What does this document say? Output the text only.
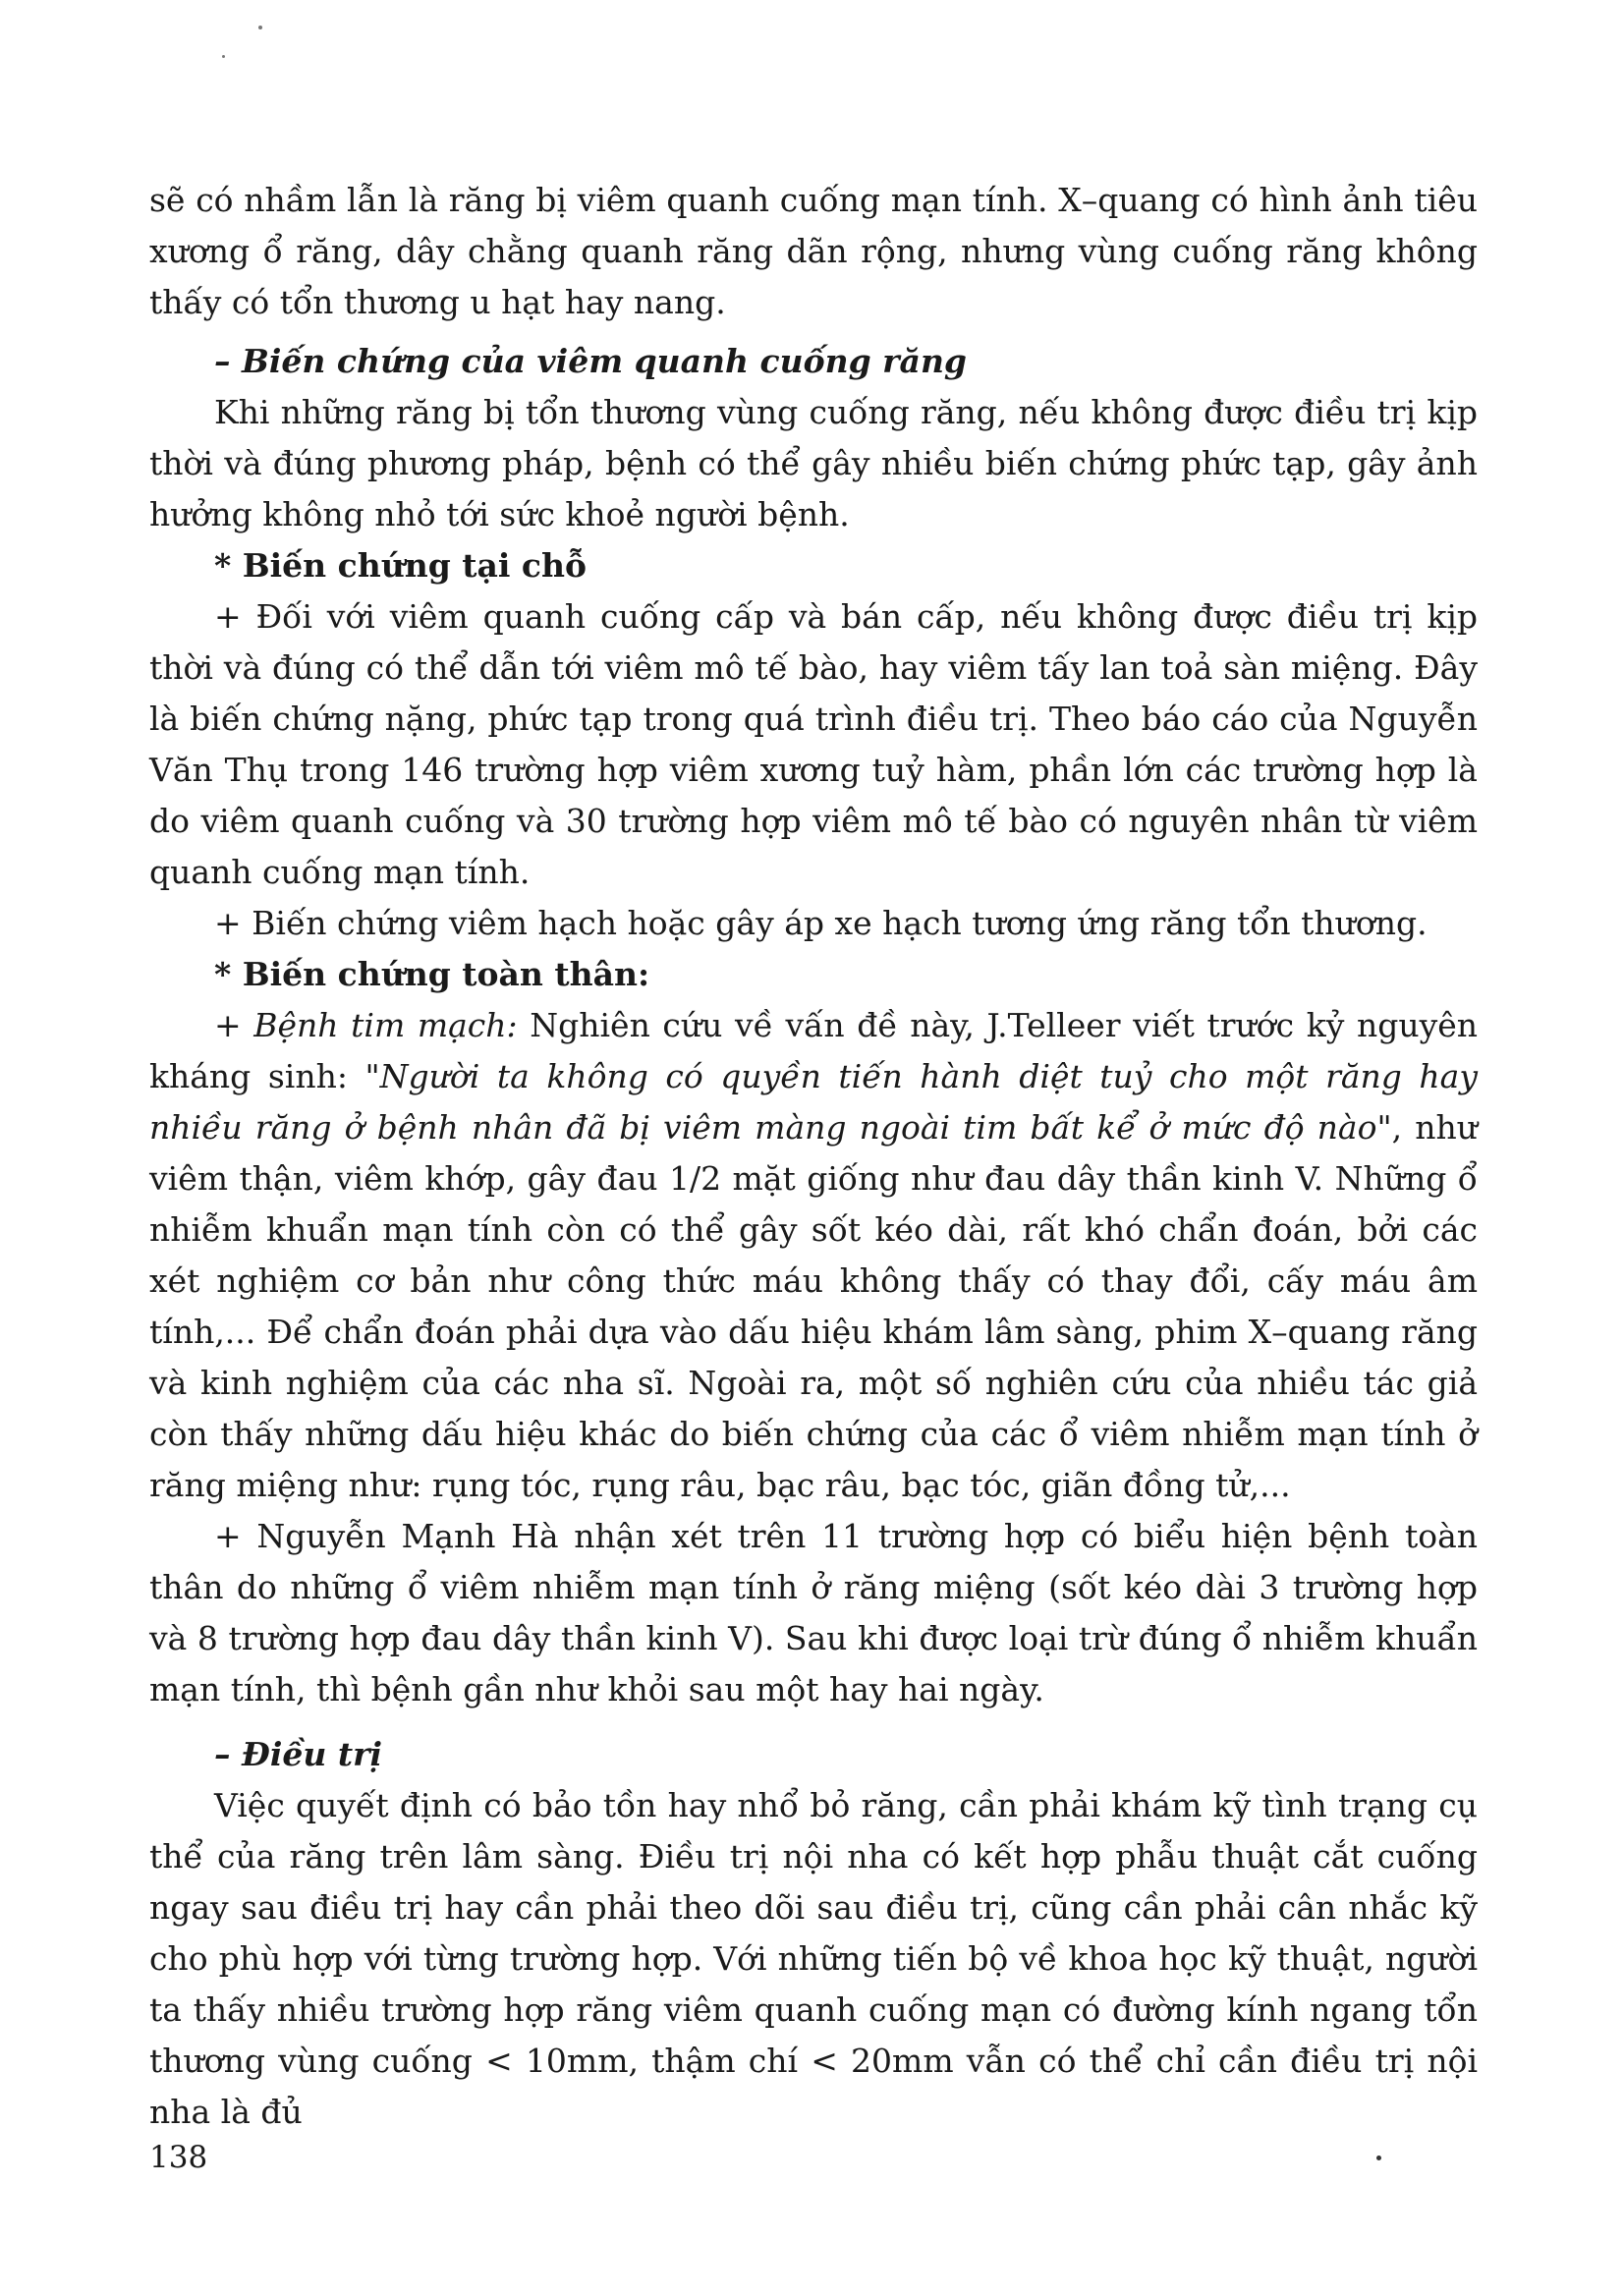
sẽ có nhầm lẫn là răng bị viêm quanh cuống mạn tính. X–quang có hình ảnh tiêu xương ổ răng, dây chằng quanh răng dãn rộng, nhưng vùng cuống răng không thấy có tổn thương u hạt hay nang.

– Biến chứng của viêm quanh cuống răng

Khi những răng bị tổn thương vùng cuống răng, nếu không được điều trị kịp thời và đúng phương pháp, bệnh có thể gây nhiều biến chứng phức tạp, gây ảnh hưởng không nhỏ tới sức khoẻ người bệnh.

* Biến chứng tại chỗ

+ Đối với viêm quanh cuống cấp và bán cấp, nếu không được điều trị kịp thời và đúng có thể dẫn tới viêm mô tế bào, hay viêm tấy lan toả sàn miệng. Đây là biến chứng nặng, phức tạp trong quá trình điều trị. Theo báo cáo của Nguyễn Văn Thụ trong 146 trường hợp viêm xương tuỷ hàm, phần lớn các trường hợp là do viêm quanh cuống và 30 trường hợp viêm mô tế bào có nguyên nhân từ viêm quanh cuống mạn tính.

+ Biến chứng viêm hạch hoặc gây áp xe hạch tương ứng răng tổn thương.

* Biến chứng toàn thân:

+ Bệnh tim mạch: Nghiên cứu về vấn đề này, J.Telleer viết trước kỷ nguyên kháng sinh: "Người ta không có quyền tiến hành diệt tuỷ cho một răng hay nhiều răng ở bệnh nhân đã bị viêm màng ngoài tim bất kể ở mức độ nào", như viêm thận, viêm khớp, gây đau 1/2 mặt giống như đau dây thần kinh V. Những ổ nhiễm khuẩn mạn tính còn có thể gây sốt kéo dài, rất khó chẩn đoán, bởi các xét nghiệm cơ bản như công thức máu không thấy có thay đổi, cấy máu âm tính,... Để chẩn đoán phải dựa vào dấu hiệu khám lâm sàng, phim X–quang răng và kinh nghiệm của các nha sĩ. Ngoài ra, một số nghiên cứu của nhiều tác giả còn thấy những dấu hiệu khác do biến chứng của các ổ viêm nhiễm mạn tính ở răng miệng như: rụng tóc, rụng râu, bạc râu, bạc tóc, giãn đồng tử,...

+ Nguyễn Mạnh Hà nhận xét trên 11 trường hợp có biểu hiện bệnh toàn thân do những ổ viêm nhiễm mạn tính ở răng miệng (sốt kéo dài 3 trường hợp và 8 trường hợp đau dây thần kinh V). Sau khi được loại trừ đúng ổ nhiễm khuẩn mạn tính, thì bệnh gần như khỏi sau một hay hai ngày.

– Điều trị

Việc quyết định có bảo tồn hay nhổ bỏ răng, cần phải khám kỹ tình trạng cụ thể của răng trên lâm sàng. Điều trị nội nha có kết hợp phẫu thuật cắt cuống ngay sau điều trị hay cần phải theo dõi sau điều trị, cũng cần phải cân nhắc kỹ cho phù hợp với từng trường hợp. Với những tiến bộ về khoa học kỹ thuật, người ta thấy nhiều trường hợp răng viêm quanh cuống mạn có đường kính ngang tổn thương vùng cuống < 10mm, thậm chí < 20mm vẫn có thể chỉ cần điều trị nội nha là đủ

138
